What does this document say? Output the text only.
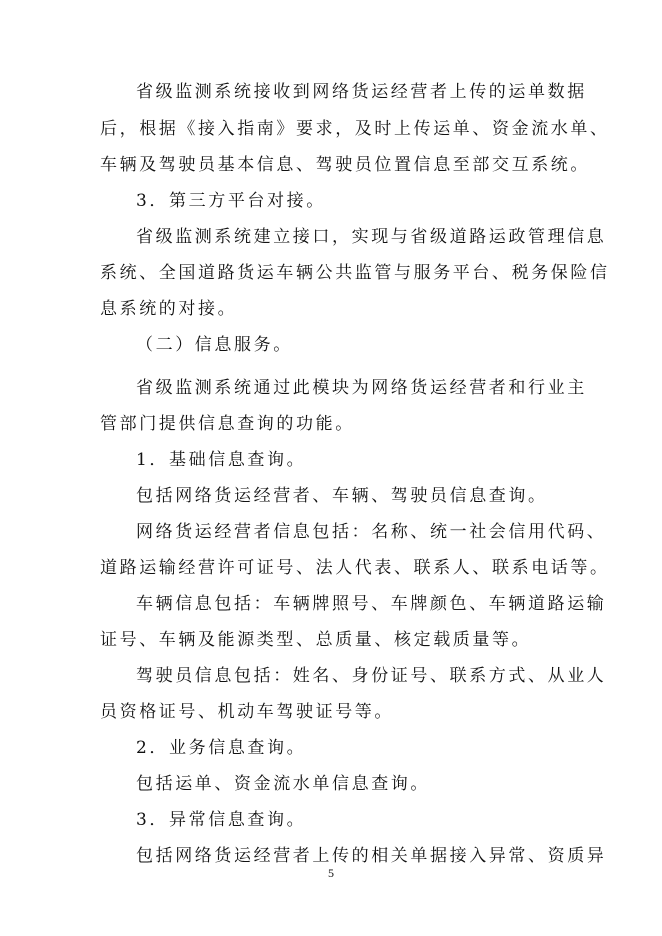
省级监测系统接收到网络货运经营者上传的运单数据
后，根据《接入指南》要求，及时上传运单、资金流水单、
车辆及驾驶员基本信息、驾驶员位置信息至部交互系统。
3．第三方平台对接。
省级监测系统建立接口，实现与省级道路运政管理信息
系统、全国道路货运车辆公共监管与服务平台、税务保险信
息系统的对接。
（二）信息服务。
省级监测系统通过此模块为网络货运经营者和行业主
管部门提供信息查询的功能。
1．基础信息查询。
包括网络货运经营者、车辆、驾驶员信息查询。
网络货运经营者信息包括：名称、统一社会信用代码、
道路运输经营许可证号、法人代表、联系人、联系电话等。
车辆信息包括：车辆牌照号、车牌颜色、车辆道路运输
证号、车辆及能源类型、总质量、核定载质量等。
驾驶员信息包括：姓名、身份证号、联系方式、从业人
员资格证号、机动车驾驶证号等。
2．业务信息查询。
包括运单、资金流水单信息查询。
3．异常信息查询。
包括网络货运经营者上传的相关单据接入异常、资质异
5
